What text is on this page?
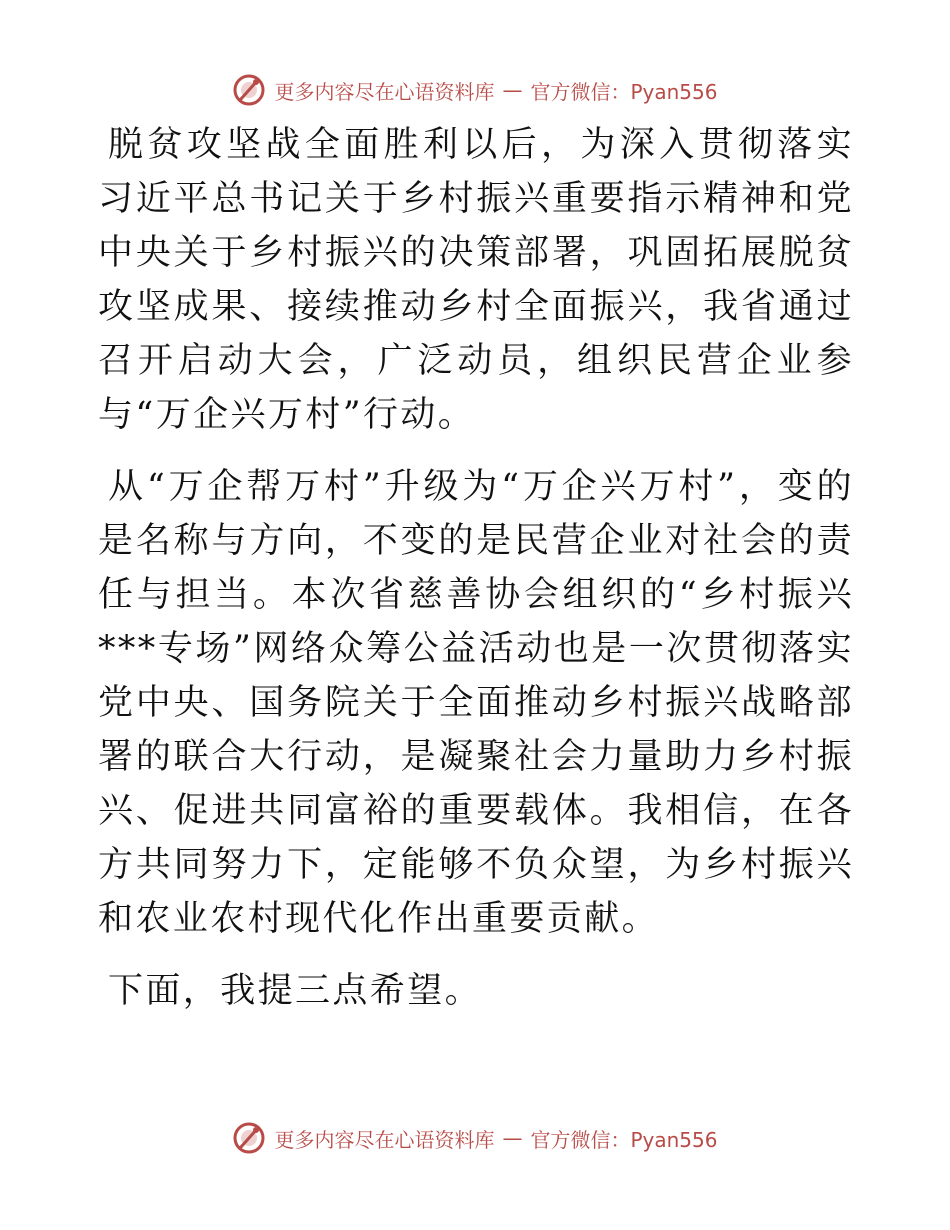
更多内容尽在心语资料库 — 官方微信：Pyan556

脱贫攻坚战全面胜利以后，为深入贯彻落实习近平总书记关于乡村振兴重要指示精神和党中央关于乡村振兴的决策部署，巩固拓展脱贫攻坚成果、接续推动乡村全面振兴，我省通过召开启动大会，广泛动员，组织民营企业参与“万企兴万村”行动。

从“万企帮万村”升级为“万企兴万村”，变的是名称与方向，不变的是民营企业对社会的责任与担当。本次省慈善协会组织的“乡村振兴***专场”网络众筹公益活动也是一次贯彻落实党中央、国务院关于全面推动乡村振兴战略部署的联合大行动，是凝聚社会力量助力乡村振兴、促进共同富裕的重要载体。我相信，在各方共同努力下，定能够不负众望，为乡村振兴和农业农村现代化作出重要贡献。

下面，我提三点希望。

更多内容尽在心语资料库 — 官方微信：Pyan556
